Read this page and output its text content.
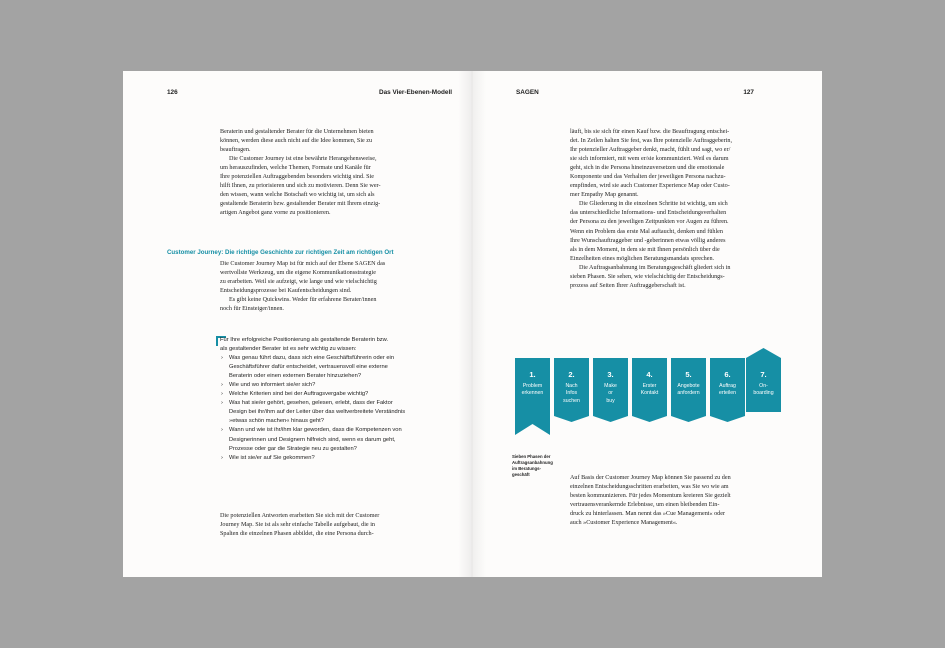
126	Das Vier-Ebenen-Modell

Beraterin und gestaltender Berater für die Unternehmen bieten

können, werden diese auch nicht auf die Idee kommen, Sie zu

beauftragen.

Die Customer Journey ist eine bewährte Herangehensweise,

um herauszufinden, welche Themen, Formate und Kanäle für

Ihre potenziellen Auftraggebenden besonders wichtig sind. Sie

hilft Ihnen, zu priorisieren und sich zu motivieren. Denn Sie wer-

den wissen, wann welche Botschaft wo wichtig ist, um sich als

gestaltende Beraterin bzw. gestaltender Berater mit Ihrem einzig-

artigen Angebot ganz vorne zu positionieren.

Customer Journey: Die richtige Geschichte zur richtigen Zeit am richtigen Ort

Die Customer Journey Map ist für mich auf der Ebene SAGEN das

wertvollste Werkzeug, um die eigene Kommunikationsstrategie

zu erarbeiten. Weil sie aufzeigt, wie lange und wie vielschichtig

Entscheidungsprozesse bei Kaufentscheidungen sind.

Es gibt keine Quickwins. Weder für erfahrene Berater/innen

noch für Einsteiger/innen.

Für Ihre erfolgreiche Positionierung als gestaltende Beraterin bzw.
als gestaltender Berater ist es sehr wichtig zu wissen:
› Was genau führt dazu, dass sich eine Geschäftsführerin oder ein
Geschäftsführer dafür entscheidet, vertrauensvoll eine externe
Beraterin oder einen externen Berater hinzuziehen?
› Wie und wo informiert sie/er sich?
› Welche Kriterien sind bei der Auftragsvergabe wichtig?
› Was hat sie/er gehört, gesehen, gelesen, erlebt, dass der Faktor
Design bei ihr/ihm auf der Leiter über das weltverbreitete Verständnis
»etwas schön machen« hinaus geht?
› Wann und wie ist ihr/ihm klar geworden, dass die Kompetenzen von
Designerinnen und Designern hilfreich sind, wenn es darum geht,
Prozesse oder gar die Strategie neu zu gestalten?
› Wie ist sie/er auf Sie gekommen?

Die potenziellen Antworten erarbeiten Sie sich mit der Customer

Journey Map. Sie ist als sehr einfache Tabelle aufgebaut, die in

Spalten die einzelnen Phasen abbildet, die eine Persona durch-

SAGEN	127

läuft, bis sie sich für einen Kauf bzw. die Beauftragung entschei-

det. In Zeilen halten Sie fest, was Ihre potenzielle Auftraggeberin,

Ihr potenzieller Auftraggeber denkt, macht, fühlt und sagt, wo er/

sie sich informiert, mit wem er/sie kommuniziert. Weil es darum

geht, sich in die Persona hineinzuversetzen und die emotionale

Komponente und das Verhalten der jeweiligen Persona nachzu-

empfinden, wird sie auch Customer Experience Map oder Custo-

mer Empathy Map genannt.

Die Gliederung in die einzelnen Schritte ist wichtig, um sich

das unterschiedliche Informations- und Entscheidungsverhalten

der Persona zu den jeweiligen Zeitpunkten vor Augen zu führen.

Wenn ein Problem das erste Mal auftaucht, denken und fühlen

Ihre Wunschauftraggeber und -geberinnen etwas völlig anderes

als in dem Moment, in dem sie mit Ihnen persönlich über die

Einzelheiten eines möglichen Beratungsmandats sprechen.

Die Auftragsanbahnung im Beratungsgeschäft gliedert sich in

sieben Phasen. Sie sehen, wie vielschichtig der Entscheidungs-

prozess auf Seiten Ihrer Auftraggeberschaft ist.

Auf Basis der Customer Journey Map können Sie passend zu den

einzelnen Entscheidungsschritten erarbeiten, was Sie wo wie am

besten kommunizieren. Für jedes Momentum kreieren Sie gezielt

vertrauensverankernde Erlebnisse, um einen bleibenden Ein-

druck zu hinterlassen. Man nennt das »Cue Management« oder

auch »Customer Experience Management«.

1.
Problem
erkennen
2.
Nach
Infos
suchen
3.
Make
or
buy
4.
Erster
Kontakt
5.
Angebote
anfordern
6.
Auftrag
erteilen
7.
On-
boarding
Sieben Phasen der
Auftragsanbahnung
im Beratungs-
geschäft
